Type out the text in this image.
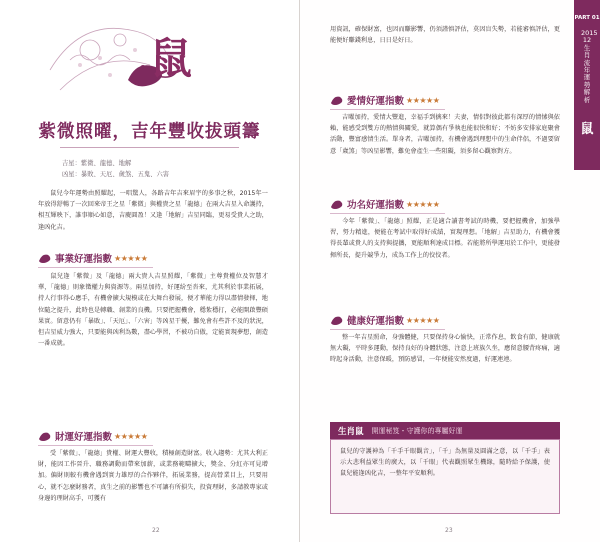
鼠
紫微照曜，吉年豐收拔頭籌
吉星：紫微、龍德、地解
凶星：暴敗、天厄、歲煞、五鬼、六害
鼠兒今年運勢由照耀起，一唱驚人，各路吉年吉來眉宇的多事之秋，2015年一年放得舒暢了一次回來帝王之星「紫微」與權貴之星「龍德」在兩大吉星入命護持，相互輝映下，誰事順心如意，吉慶圓盈！又逢「地解」吉星同臨，更易受貴人之助，逢凶化吉。
事業好運指數 ★★★★★
鼠兒逢「紫微」及「龍德」兩大貴人吉星照耀，「紫微」主尊貴權位及智慧才華，「龍德」則象徵權力與資源等。兩星加持，好運紛至沓來，尤其利於事業拓展，持人行事得心應手，有機會擴大規模或在大舞台發展，便才華能力得以盡情發揮，地位隨之提升，此時也是轉職、創業的良機。只要把握機會，穩紮穩打，必能開啟豐碩果實。留意仍有「暴敗」、「天厄」、「六害」等凶星干擾，難免會有些許不及的狀況，但吉星威力強大，只要能與凶利為數，盡心學習，不被功自傲，定能實現夢想，創造一番成就。
財運好運指數 ★★★★★
受「紫微」、「龍德」貴權、財運大豐收，積極創造財富。收入趨勢：尤其大利正財，能因工作晉升、職務調動而帶來加薪，或業務範疇擴大，獎金、分紅亦可見增加。偏財則較有機會遇到實力雄厚的合作夥伴，拓展業務，提高營業目上，只要用心，就不怎麼財務者，真生之前的影響也不可讓有所損失，投資理財，多請教專家或身邊的理財高手，可獲有
22
PART 01
2015 12生肖流年運勢解析
鼠
用資訊，確保財富，也因而賺影響，仍須謹慎評估，莫因盲失勢，若能審慎評估，更能便好賺錢利息，日日是好日。
愛情好運指數 ★★★★★
吉曜加持，愛情大豐進，幸福手到擒來！夫妻，情侶對彼此都有深厚的情愫與依賴，能感受到雙方的熱情與關愛，就算偶有爭執也能很快和好；不妨多安排家庭聚會活動，豐富感情生活。單身者，吉曜加持，有機會遇到理想中的生命伴侶，不過要留意「歲煞」等凶星影響，難免會產生一些阻礙，須多留心觀察對方。
功名好運指數 ★★★★★
今年「紫微」、「龍德」照耀，正是適合讀書考試的時機，要把握機會，加強學習，努力精進，便能在考試中取得好成績，實現理想。「地解」吉星助力，有機會獲得長輩或貴人的支持與提攜，更能順利達成目標。若能將所學運用於工作中，更能發揮所長，提升競爭力，成為工作上的佼佼者。
健康好運指數 ★★★★★
整一年吉星照命，身強體健，只要保持身心愉快，正常作息，飲食有節，健康就無大礙，平時多運動，保持良好的身體狀態，注意上班族久坐，應留意腰背疼痛，適時起身活動，注意保暖，預防感冒，一年便能安然度過，好運連連。
23
生肖鼠 開運秘笈・守護你的專屬好運
鼠兒的守護神為「千手千眼觀音」，「千」為無量及圓滿之意，以「千手」表示大悲利益眾生的廣大，以「千眼」代表觀照眾生機緣，隨時給予保護，使鼠兒能逢凶化吉，一整年平安順利。
